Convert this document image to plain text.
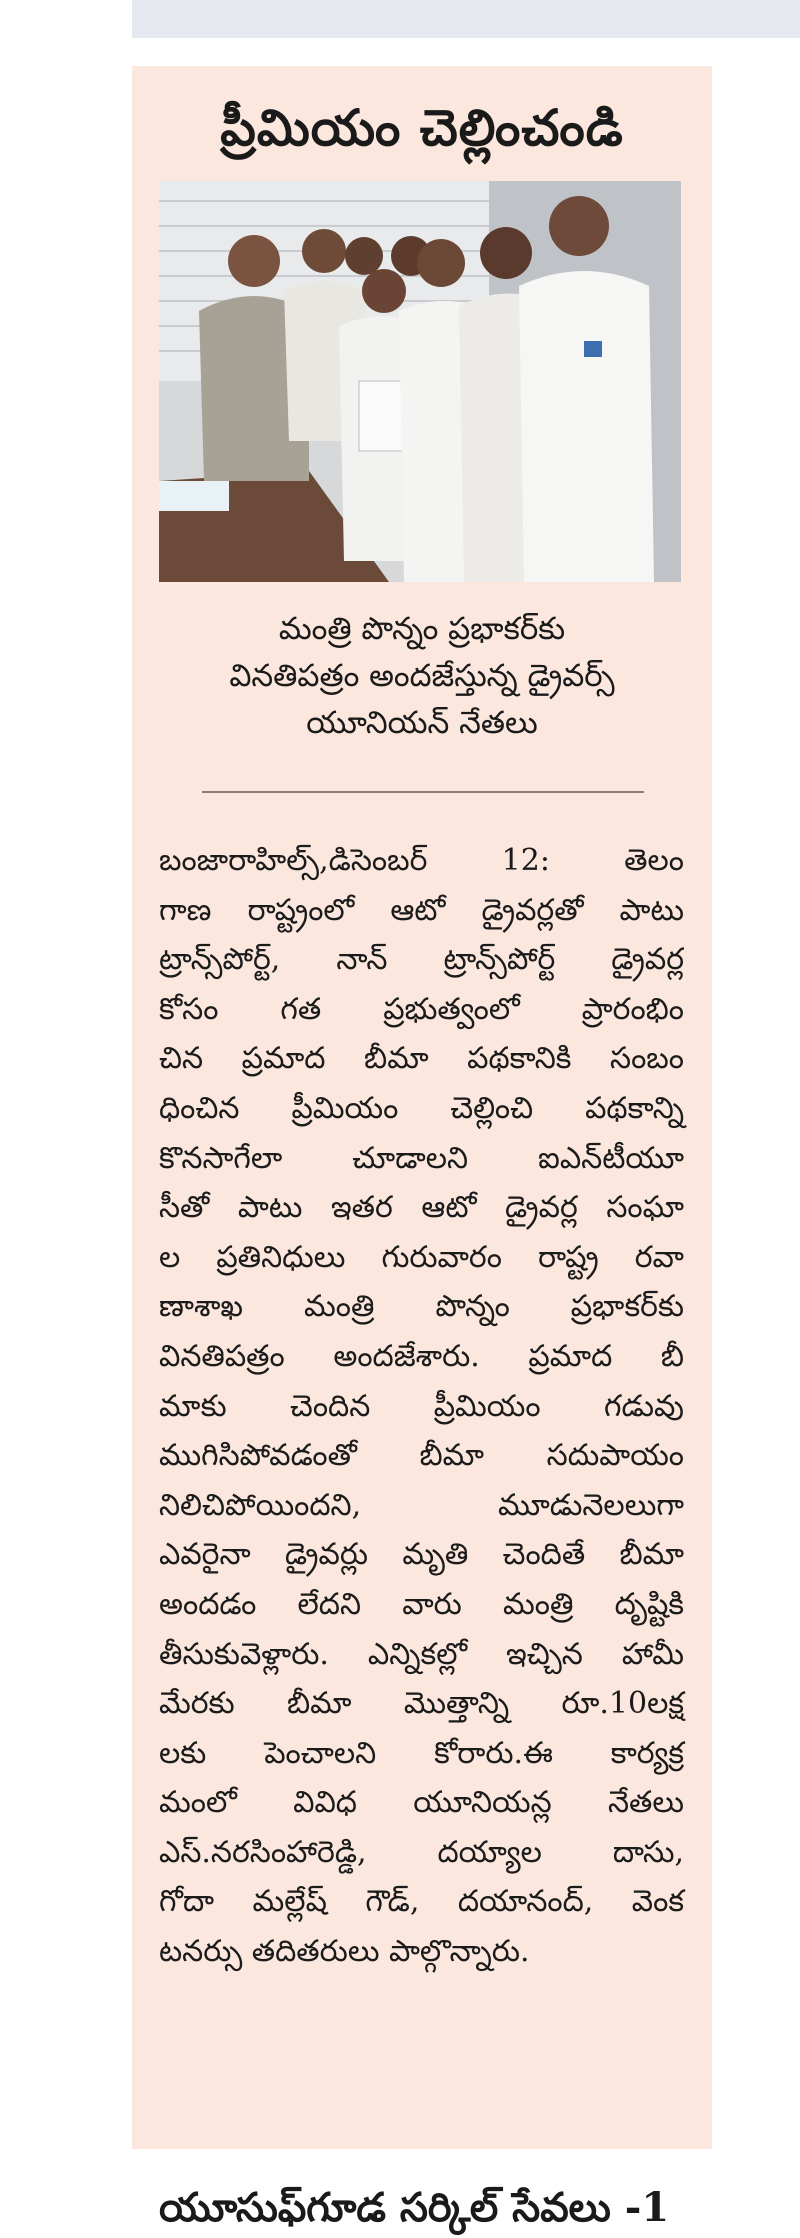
ప్రీమియం చెల్లించండి
మంత్రి పొన్నం ప్రభాకర్‌కు
వినతిపత్రం అందజేస్తున్న డ్రైవర్స్
యూనియన్ నేతలు
బంజారాహిల్స్,డిసెంబర్ 12: తెలం
గాణ రాష్ట్రంలో ఆటో డ్రైవర్లతో పాటు
ట్రాన్స్‌పోర్ట్, నాన్ ట్రాన్స్‌పోర్ట్ డ్రైవర్ల
కోసం గత ప్రభుత్వంలో ప్రారంభిం
చిన ప్రమాద బీమా పథకానికి సంబం
ధించిన ప్రీమియం చెల్లించి పథకాన్ని
కొనసాగేలా చూడాలని ఐఎన్‌టీయూ
సీతో పాటు ఇతర ఆటో డ్రైవర్ల సంఘా
ల ప్రతినిధులు గురువారం రాష్ట్ర రవా
ణాశాఖ మంత్రి పొన్నం ప్రభాకర్‌కు
వినతిపత్రం అందజేశారు. ప్రమాద బీ
మాకు చెందిన ప్రీమియం గడువు
ముగిసిపోవడంతో బీమా సదుపాయం
నిలిచిపోయిందని, మూడునెలలుగా
ఎవరైనా డ్రైవర్లు మృతి చెందితే బీమా
అందడం లేదని వారు మంత్రి దృష్టికి
తీసుకువెళ్లారు. ఎన్నికల్లో ఇచ్చిన హామీ
మేరకు బీమా మొత్తాన్ని రూ.10లక్ష
లకు పెంచాలని కోరారు.ఈ కార్యక్ర
మంలో వివిధ యూనియన్ల నేతలు
ఎస్.నరసింహారెడ్డి, దయ్యాల దాసు,
గోదా మల్లేష్ గౌడ్, దయానంద్, వెంక
టనర్సు తదితరులు పాల్గొన్నారు.
యూసుఫ్‌గూడ సర్కిల్ సేవలు -1
